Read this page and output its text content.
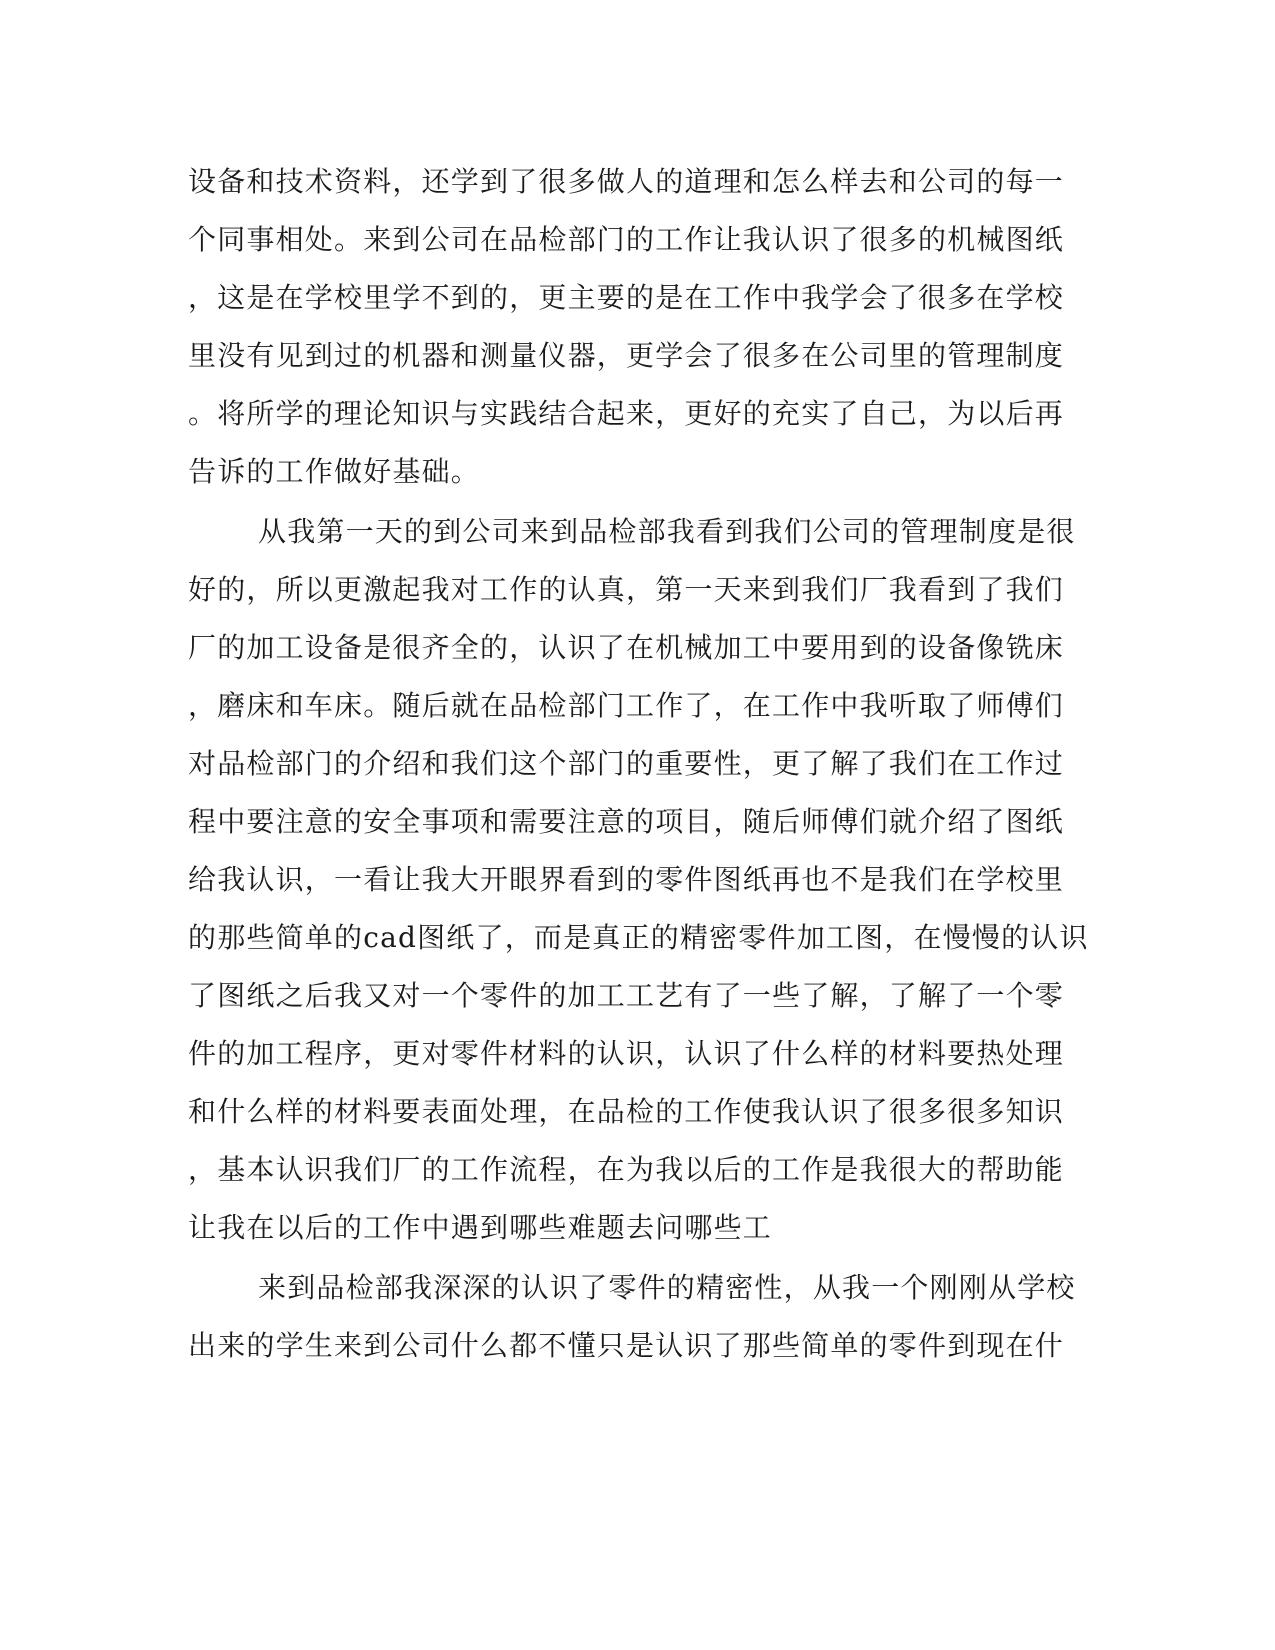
设备和技术资料，还学到了很多做人的道理和怎么样去和公司的每一
个同事相处。来到公司在品检部门的工作让我认识了很多的机械图纸
，这是在学校里学不到的，更主要的是在工作中我学会了很多在学校
里没有见到过的机器和测量仪器，更学会了很多在公司里的管理制度
。将所学的理论知识与实践结合起来，更好的充实了自己，为以后再
告诉的工作做好基础。
从我第一天的到公司来到品检部我看到我们公司的管理制度是很
好的，所以更激起我对工作的认真，第一天来到我们厂我看到了我们
厂的加工设备是很齐全的，认识了在机械加工中要用到的设备像铣床
，磨床和车床。随后就在品检部门工作了，在工作中我听取了师傅们
对品检部门的介绍和我们这个部门的重要性，更了解了我们在工作过
程中要注意的安全事项和需要注意的项目，随后师傅们就介绍了图纸
给我认识，一看让我大开眼界看到的零件图纸再也不是我们在学校里
的那些简单的cad图纸了，而是真正的精密零件加工图，在慢慢的认识
了图纸之后我又对一个零件的加工工艺有了一些了解，了解了一个零
件的加工程序，更对零件材料的认识，认识了什么样的材料要热处理
和什么样的材料要表面处理，在品检的工作使我认识了很多很多知识
，基本认识我们厂的工作流程，在为我以后的工作是我很大的帮助能
让我在以后的工作中遇到哪些难题去问哪些工
来到品检部我深深的认识了零件的精密性，从我一个刚刚从学校
出来的学生来到公司什么都不懂只是认识了那些简单的零件到现在什
